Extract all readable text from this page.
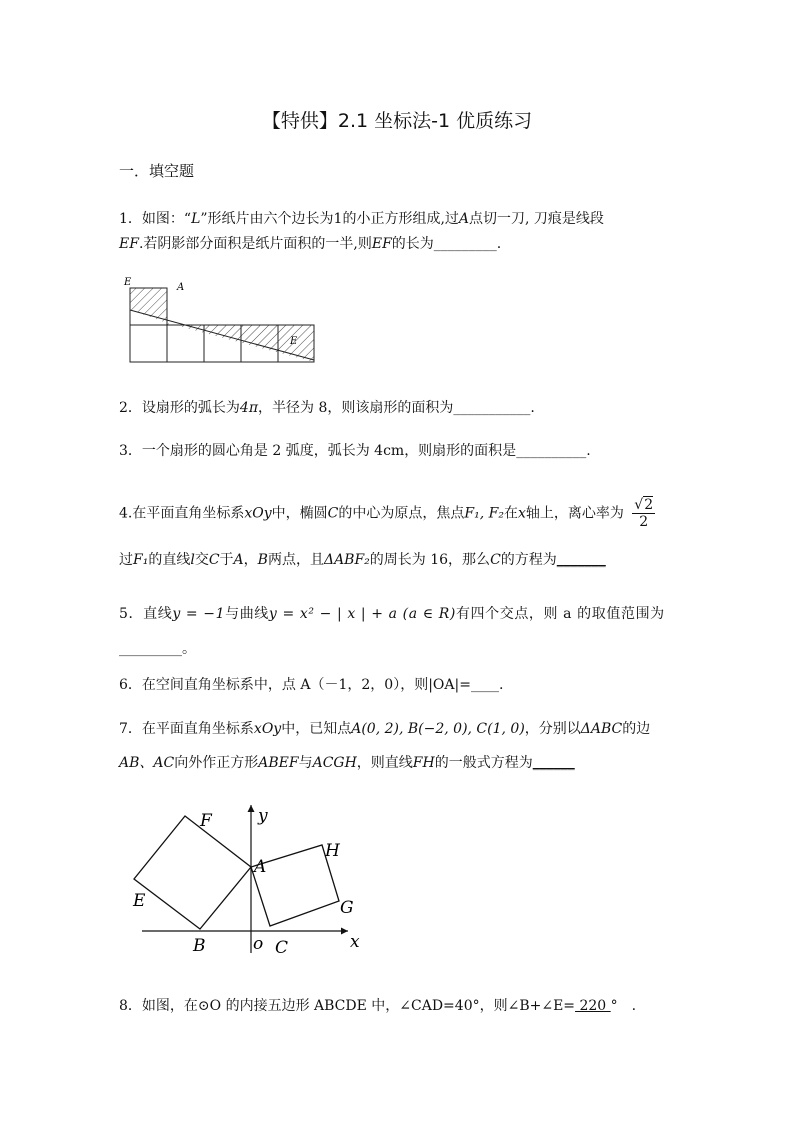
【特供】2.1 坐标法-1 优质练习
一．填空题
1．如图：“L”形纸片由六个边长为1的小正方形组成,过A点切一刀, 刀痕是线段
EF.若阴影部分面积是纸片面积的一半,则EF的长为_________.
E	A
E
2．设扇形的弧长为4π，半径为 8，则该扇形的面积为___________.
3．一个扇形的圆心角是 2 弧度，弧长为 4cm，则扇形的面积是__________.
4.在平面直角坐标系xOy中，椭圆C的中心为原点，焦点F₁, F₂在x轴上，离心率为 $\frac{√2}{2}$
过F₁的直线l交C于A，B两点，且ΔABF₂的周长为 16，那么C的方程为_______
5．直线y = −1与曲线y = x² − | x | + a (a ∈ R)有四个交点，则 a 的取值范围为
_________。
6．在空间直角坐标系中，点 A（－1，2，0），则|OA|=____.
7．在平面直角坐标系xOy中，已知点A(0, 2), B(−2, 0), C(1, 0)，分别以ΔABC的边
AB、AC向外作正方形ABEF与ACGH，则直线FH的一般式方程为______
F	y
H
A
E	G
B	o C	x
8．如图，在⊙O 的内接五边形 ABCDE 中，∠CAD=40°，则∠B+∠E= 220 °　.
